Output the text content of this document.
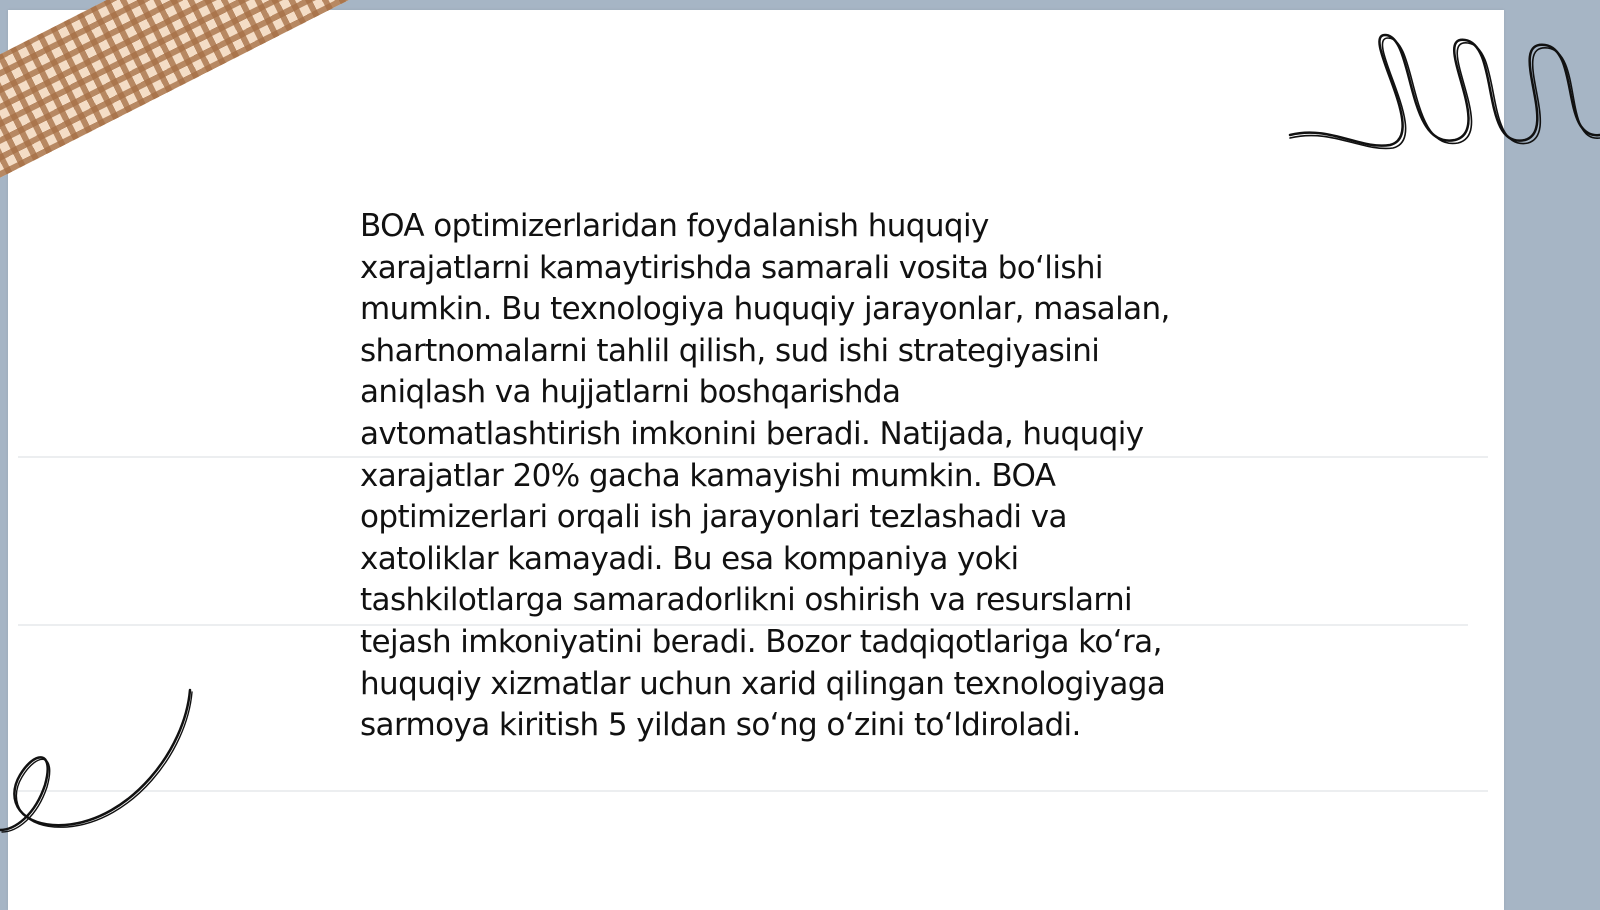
BOA optimizerlaridan foydalanish huquqiy
xarajatlarni kamaytirishda samarali vosita boʻlishi
mumkin. Bu texnologiya huquqiy jarayonlar, masalan,
shartnomalarni tahlil qilish, sud ishi strategiyasini
aniqlash va hujjatlarni boshqarishda
avtomatlashtirish imkonini beradi. Natijada, huquqiy
xarajatlar 20% gacha kamayishi mumkin. BOA
optimizerlari orqali ish jarayonlari tezlashadi va
xatoliklar kamayadi. Bu esa kompaniya yoki
tashkilotlarga samaradorlikni oshirish va resurslarni
tejash imkoniyatini beradi. Bozor tadqiqotlariga koʻra,
huquqiy xizmatlar uchun xarid qilingan texnologiyaga
sarmoya kiritish 5 yildan soʻng oʻzini toʻldiroladi.
